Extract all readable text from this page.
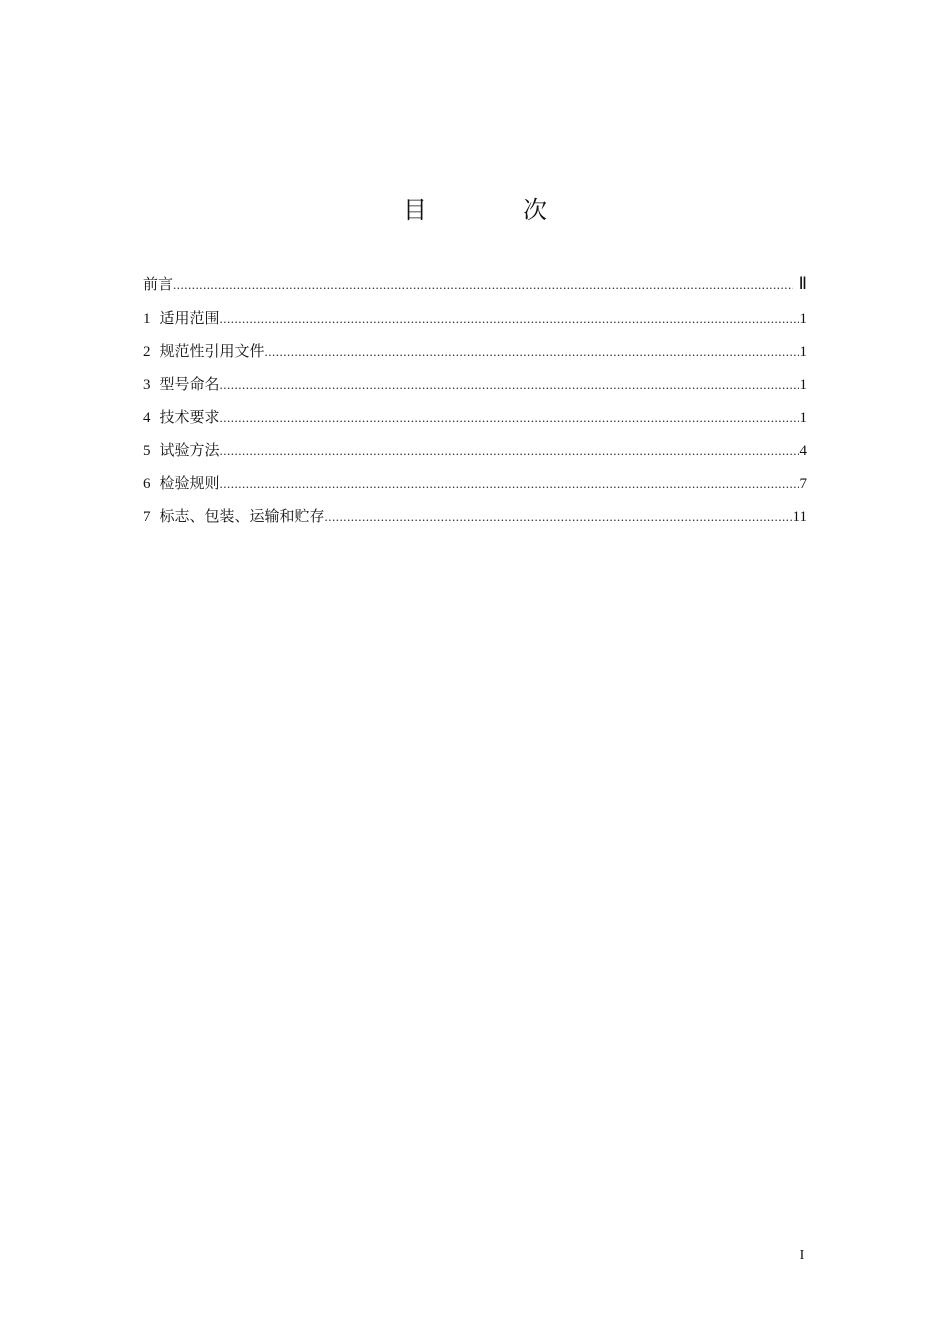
目　次
前言 .....	Ⅱ
1 适用范围 .....	1
2 规范性引用文件 .....	1
3 型号命名 .....	1
4 技术要求 .....	1
5 试验方法 .....	4
6 检验规则 .....	7
7 标志、包装、运输和贮存 .....	11
I
